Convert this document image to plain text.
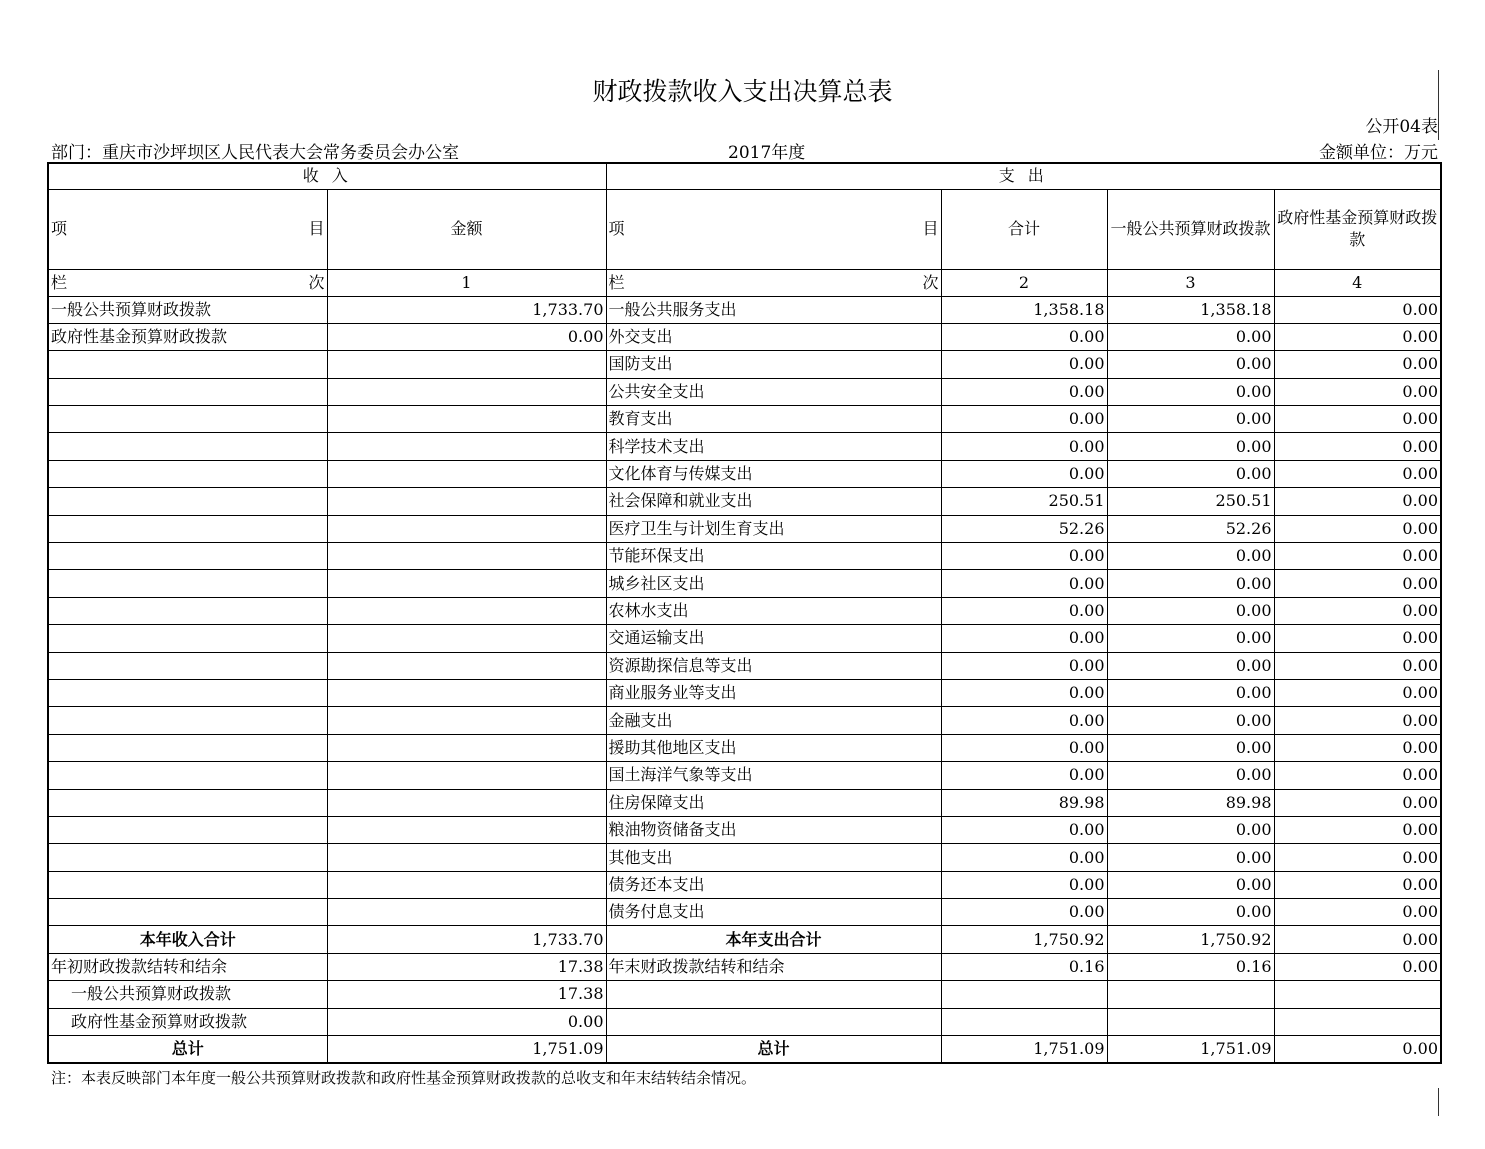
财政拨款收入支出决算总表
公开04表
部门：重庆市沙坪坝区人民代表大会常务委员会办公室	2017年度	金额单位：万元
收 入		支 出			

项 目	金额	项 目	合计	一般公共预算财政拨款	政府性基金预算财政拨款

栏 次	1	栏 次	2	3	4
一般公共预算财政拨款	1,733.70	一般公共服务支出	1,358.18	1,358.18	0.00
政府性基金预算财政拨款	0.00	外交支出	0.00	0.00	0.00
		国防支出	0.00	0.00	0.00
		公共安全支出	0.00	0.00	0.00
		教育支出	0.00	0.00	0.00
		科学技术支出	0.00	0.00	0.00
		文化体育与传媒支出	0.00	0.00	0.00
		社会保障和就业支出	250.51	250.51	0.00
		医疗卫生与计划生育支出	52.26	52.26	0.00
		节能环保支出	0.00	0.00	0.00
		城乡社区支出	0.00	0.00	0.00
		农林水支出	0.00	0.00	0.00
		交通运输支出	0.00	0.00	0.00
		资源勘探信息等支出	0.00	0.00	0.00
		商业服务业等支出	0.00	0.00	0.00
		金融支出	0.00	0.00	0.00
		援助其他地区支出	0.00	0.00	0.00
		国土海洋气象等支出	0.00	0.00	0.00
		住房保障支出	89.98	89.98	0.00
		粮油物资储备支出	0.00	0.00	0.00
		其他支出	0.00	0.00	0.00
		债务还本支出	0.00	0.00	0.00
		债务付息支出	0.00	0.00	0.00
本年收入合计	1,733.70	本年支出合计	1,750.92	1,750.92	0.00
年初财政拨款结转和结余	17.38	年末财政拨款结转和结余	0.16	0.16	0.00
一般公共预算财政拨款	17.38				
政府性基金预算财政拨款	0.00				
总计	1,751.09	总计	1,751.09	1,751.09	0.00
注：本表反映部门本年度一般公共预算财政拨款和政府性基金预算财政拨款的总收支和年末结转结余情况。
